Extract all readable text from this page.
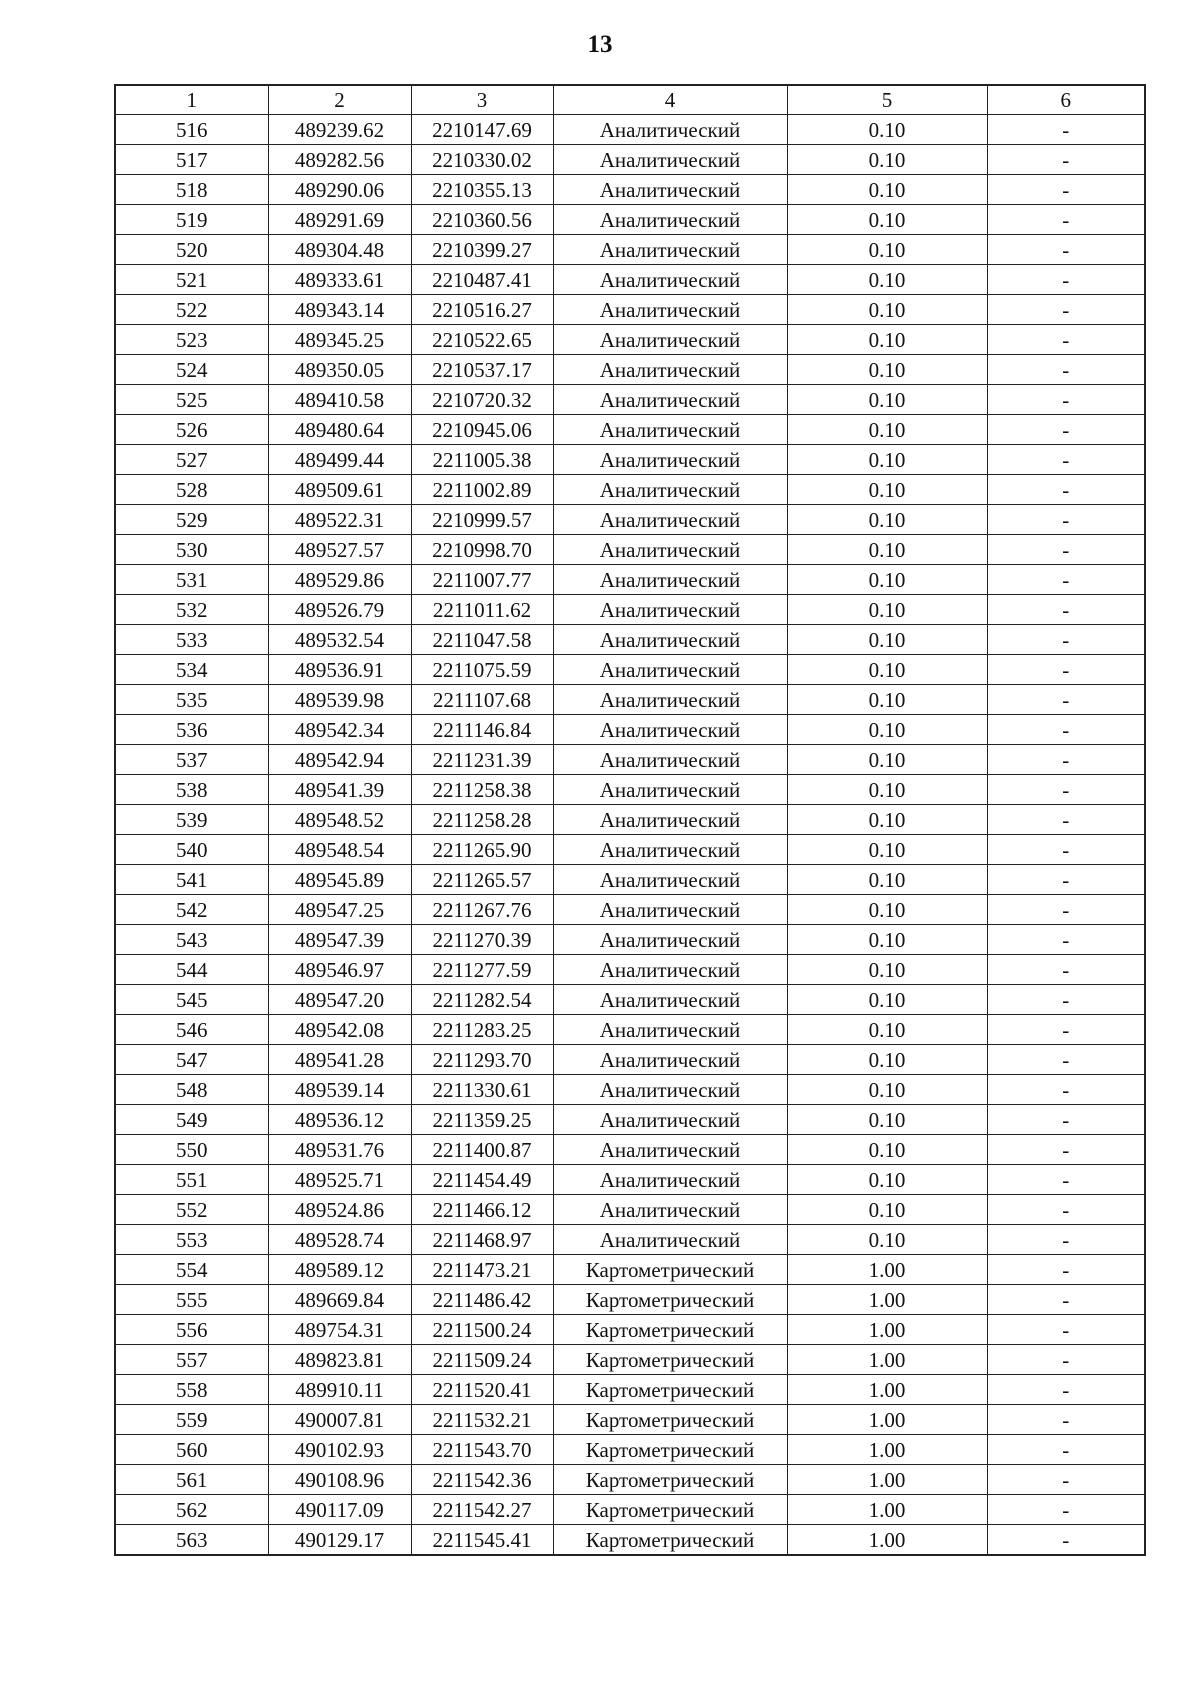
13
1	2	3	4	5	6
516	489239.62	2210147.69	Аналитический	0.10	-
517	489282.56	2210330.02	Аналитический	0.10	-
518	489290.06	2210355.13	Аналитический	0.10	-
519	489291.69	2210360.56	Аналитический	0.10	-
520	489304.48	2210399.27	Аналитический	0.10	-
521	489333.61	2210487.41	Аналитический	0.10	-
522	489343.14	2210516.27	Аналитический	0.10	-
523	489345.25	2210522.65	Аналитический	0.10	-
524	489350.05	2210537.17	Аналитический	0.10	-
525	489410.58	2210720.32	Аналитический	0.10	-
526	489480.64	2210945.06	Аналитический	0.10	-
527	489499.44	2211005.38	Аналитический	0.10	-
528	489509.61	2211002.89	Аналитический	0.10	-
529	489522.31	2210999.57	Аналитический	0.10	-
530	489527.57	2210998.70	Аналитический	0.10	-
531	489529.86	2211007.77	Аналитический	0.10	-
532	489526.79	2211011.62	Аналитический	0.10	-
533	489532.54	2211047.58	Аналитический	0.10	-
534	489536.91	2211075.59	Аналитический	0.10	-
535	489539.98	2211107.68	Аналитический	0.10	-
536	489542.34	2211146.84	Аналитический	0.10	-
537	489542.94	2211231.39	Аналитический	0.10	-
538	489541.39	2211258.38	Аналитический	0.10	-
539	489548.52	2211258.28	Аналитический	0.10	-
540	489548.54	2211265.90	Аналитический	0.10	-
541	489545.89	2211265.57	Аналитический	0.10	-
542	489547.25	2211267.76	Аналитический	0.10	-
543	489547.39	2211270.39	Аналитический	0.10	-
544	489546.97	2211277.59	Аналитический	0.10	-
545	489547.20	2211282.54	Аналитический	0.10	-
546	489542.08	2211283.25	Аналитический	0.10	-
547	489541.28	2211293.70	Аналитический	0.10	-
548	489539.14	2211330.61	Аналитический	0.10	-
549	489536.12	2211359.25	Аналитический	0.10	-
550	489531.76	2211400.87	Аналитический	0.10	-
551	489525.71	2211454.49	Аналитический	0.10	-
552	489524.86	2211466.12	Аналитический	0.10	-
553	489528.74	2211468.97	Аналитический	0.10	-
554	489589.12	2211473.21	Картометрический	1.00	-
555	489669.84	2211486.42	Картометрический	1.00	-
556	489754.31	2211500.24	Картометрический	1.00	-
557	489823.81	2211509.24	Картометрический	1.00	-
558	489910.11	2211520.41	Картометрический	1.00	-
559	490007.81	2211532.21	Картометрический	1.00	-
560	490102.93	2211543.70	Картометрический	1.00	-
561	490108.96	2211542.36	Картометрический	1.00	-
562	490117.09	2211542.27	Картометрический	1.00	-
563	490129.17	2211545.41	Картометрический	1.00	-
